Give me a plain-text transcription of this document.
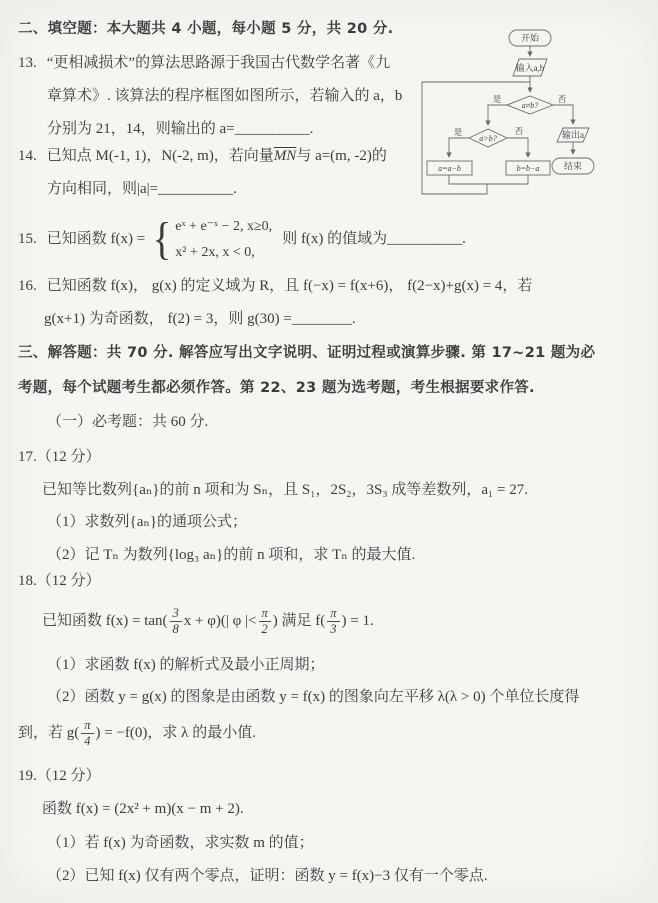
二、填空题：本大题共 4 小题，每小题 5 分，共 20 分.
13. “更相减损术”的算法思路源于我国古代数学名著《九
章算术》. 该算法的程序框图如图所示，若输入的 a，b
分别为 21，14，则输出的 a=__________.
开始
输入a,b
a≠b?
是	否
a>b?
是	否
a=a−b	b=b−a
输出a
结束
14. 已知点 M(-1, 1)，N(-2, m)，若向量$\overline{MN}$与 a=(m, -2)的
方向相同，则|a|=__________.
15. 已知函数 f(x) = { eˣ + e⁻ˣ − 2, x≥0,
x² + 2x, x < 0,
则 f(x) 的值域为__________.
16. 已知函数 f(x)， g(x) 的定义域为 R，且 f(−x) = f(x+6)， f(2−x)+g(x) = 4，若
g(x+1) 为奇函数， f(2) = 3，则 g(30) =________.
三、解答题：共 70 分. 解答应写出文字说明、证明过程或演算步骤. 第 17~21 题为必
考题，每个试题考生都必须作答。第 22、23 题为选考题，考生根据要求作答.
（一）必考题：共 60 分.
17.（12 分）
已知等比数列{aₙ}的前 n 项和为 Sₙ，且 S₁，2S₂，3S₃ 成等差数列，a₁ = 27.
（1）求数列{aₙ}的通项公式；
（2）记 Tₙ 为数列{log₃ aₙ}的前 n 项和，求 Tₙ 的最大值.
18.（12 分）
已知函数 $f(x) = \tan( \frac{3}{8}$ x + φ)(| φ |< $\frac{\pi}{2}$ ) 满足 $f( \frac{\pi}{3}$ ) = 1.
（1）求函数 f(x) 的解析式及最小正周期；
（2）函数 y = g(x) 的图象是由函数 y = f(x) 的图象向左平移 λ(λ > 0) 个单位长度得
到，若 $g( \frac{\pi}{4}$ ) = −f(0)，求 λ 的最小值.
19.（12 分）
函数 f(x) = (2x² + m)(x − m + 2).
（1）若 f(x) 为奇函数，求实数 m 的值；
（2）已知 f(x) 仅有两个零点，证明：函数 y = f(x)−3 仅有一个零点.
